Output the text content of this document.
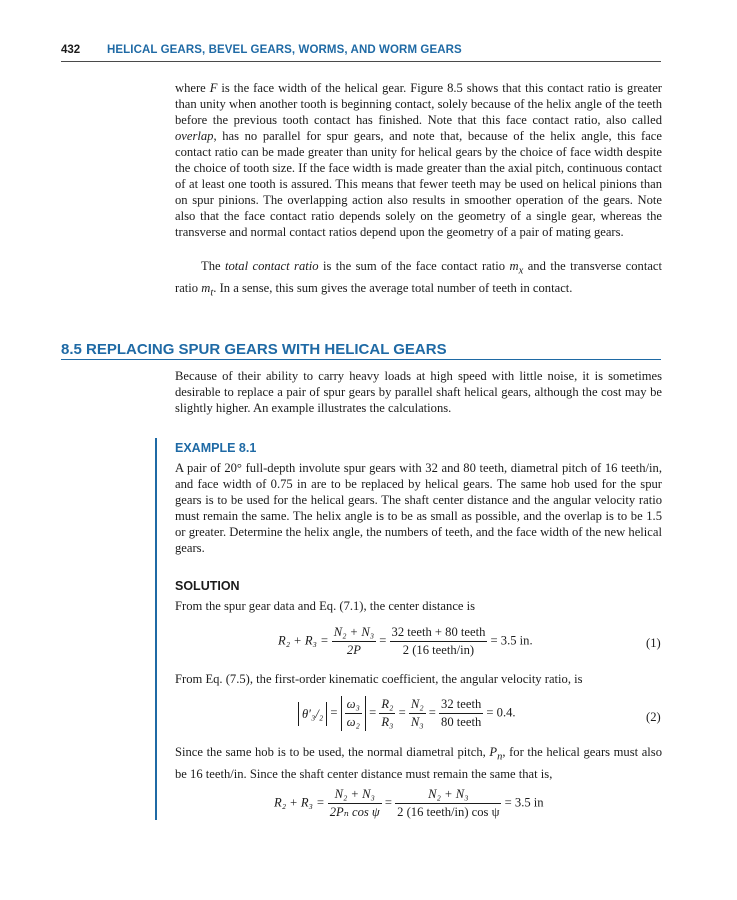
432 HELICAL GEARS, BEVEL GEARS, WORMS, AND WORM GEARS

where F is the face width of the helical gear. Figure 8.5 shows that this contact ratio is greater than unity when another tooth is beginning contact, solely because of the helix angle of the teeth before the previous tooth contact has finished. Note that this face contact ratio, also called overlap, has no parallel for spur gears, and note that, because of the helix angle, this face contact ratio can be made greater than unity for helical gears by the choice of face width despite the choice of tooth size. If the face width is made greater than the axial pitch, continuous contact of at least one tooth is assured. This means that fewer teeth may be used on helical pinions than on spur pinions. The overlapping action also results in smoother operation of the gears. Note also that the face contact ratio depends solely on the geometry of a single gear, whereas the transverse and normal contact ratios depend upon the geometry of a pair of mating gears.

The total contact ratio is the sum of the face contact ratio $m_x$ and the transverse contact ratio $m_t$. In a sense, this sum gives the average total number of teeth in contact.

8.5 REPLACING SPUR GEARS WITH HELICAL GEARS

Because of their ability to carry heavy loads at high speed with little noise, it is sometimes desirable to replace a pair of spur gears by parallel shaft helical gears, although the cost may be slightly higher. An example illustrates the calculations.

EXAMPLE 8.1

A pair of 20° full-depth involute spur gears with 32 and 80 teeth, diametral pitch of 16 teeth/in, and face width of 0.75 in are to be replaced by helical gears. The same hob used for the spur gears is to be used for the helical gears. The shaft center distance and the angular velocity ratio must remain the same. The helix angle is to be as small as possible, and the overlap is to be 1.5 or greater. Determine the helix angle, the numbers of teeth, and the face width of the new helical gears.

SOLUTION

From the spur gear data and Eq. (7.1), the center distance is

$R_2 + R_3 = \frac{\text{N₂ + N₃}}{2P} = \frac{\text{32 teeth + 80 teeth}}{\text{2 (16 teeth/in)}} = 3.5$ in.	(1)

From Eq. (7.5), the first-order kinematic coefficient, the angular velocity ratio, is

$\theta'_3/_2 = \frac{\text{ω₃}}{\text{ω₂}} = \frac{\text{R₂}}{\text{R₃}} = \frac{\text{N₂}}{\text{N₃}} = \frac{\text{32 teeth}}{\text{80 teeth}} = 0.4$.	(2)

Since the same hob is to be used, the normal diametral pitch, $P_n$, for the helical gears must also be 16 teeth/in. Since the shaft center distance must remain the same that is,

$R_2 + R_3 = \frac{\text{N₂ + N₃}}{\text{2Pₙ cos ψ}} = \frac{\text{N₂ + N₃}}{\text{2 (16 teeth/in) cos ψ}} = 3.5$ in
